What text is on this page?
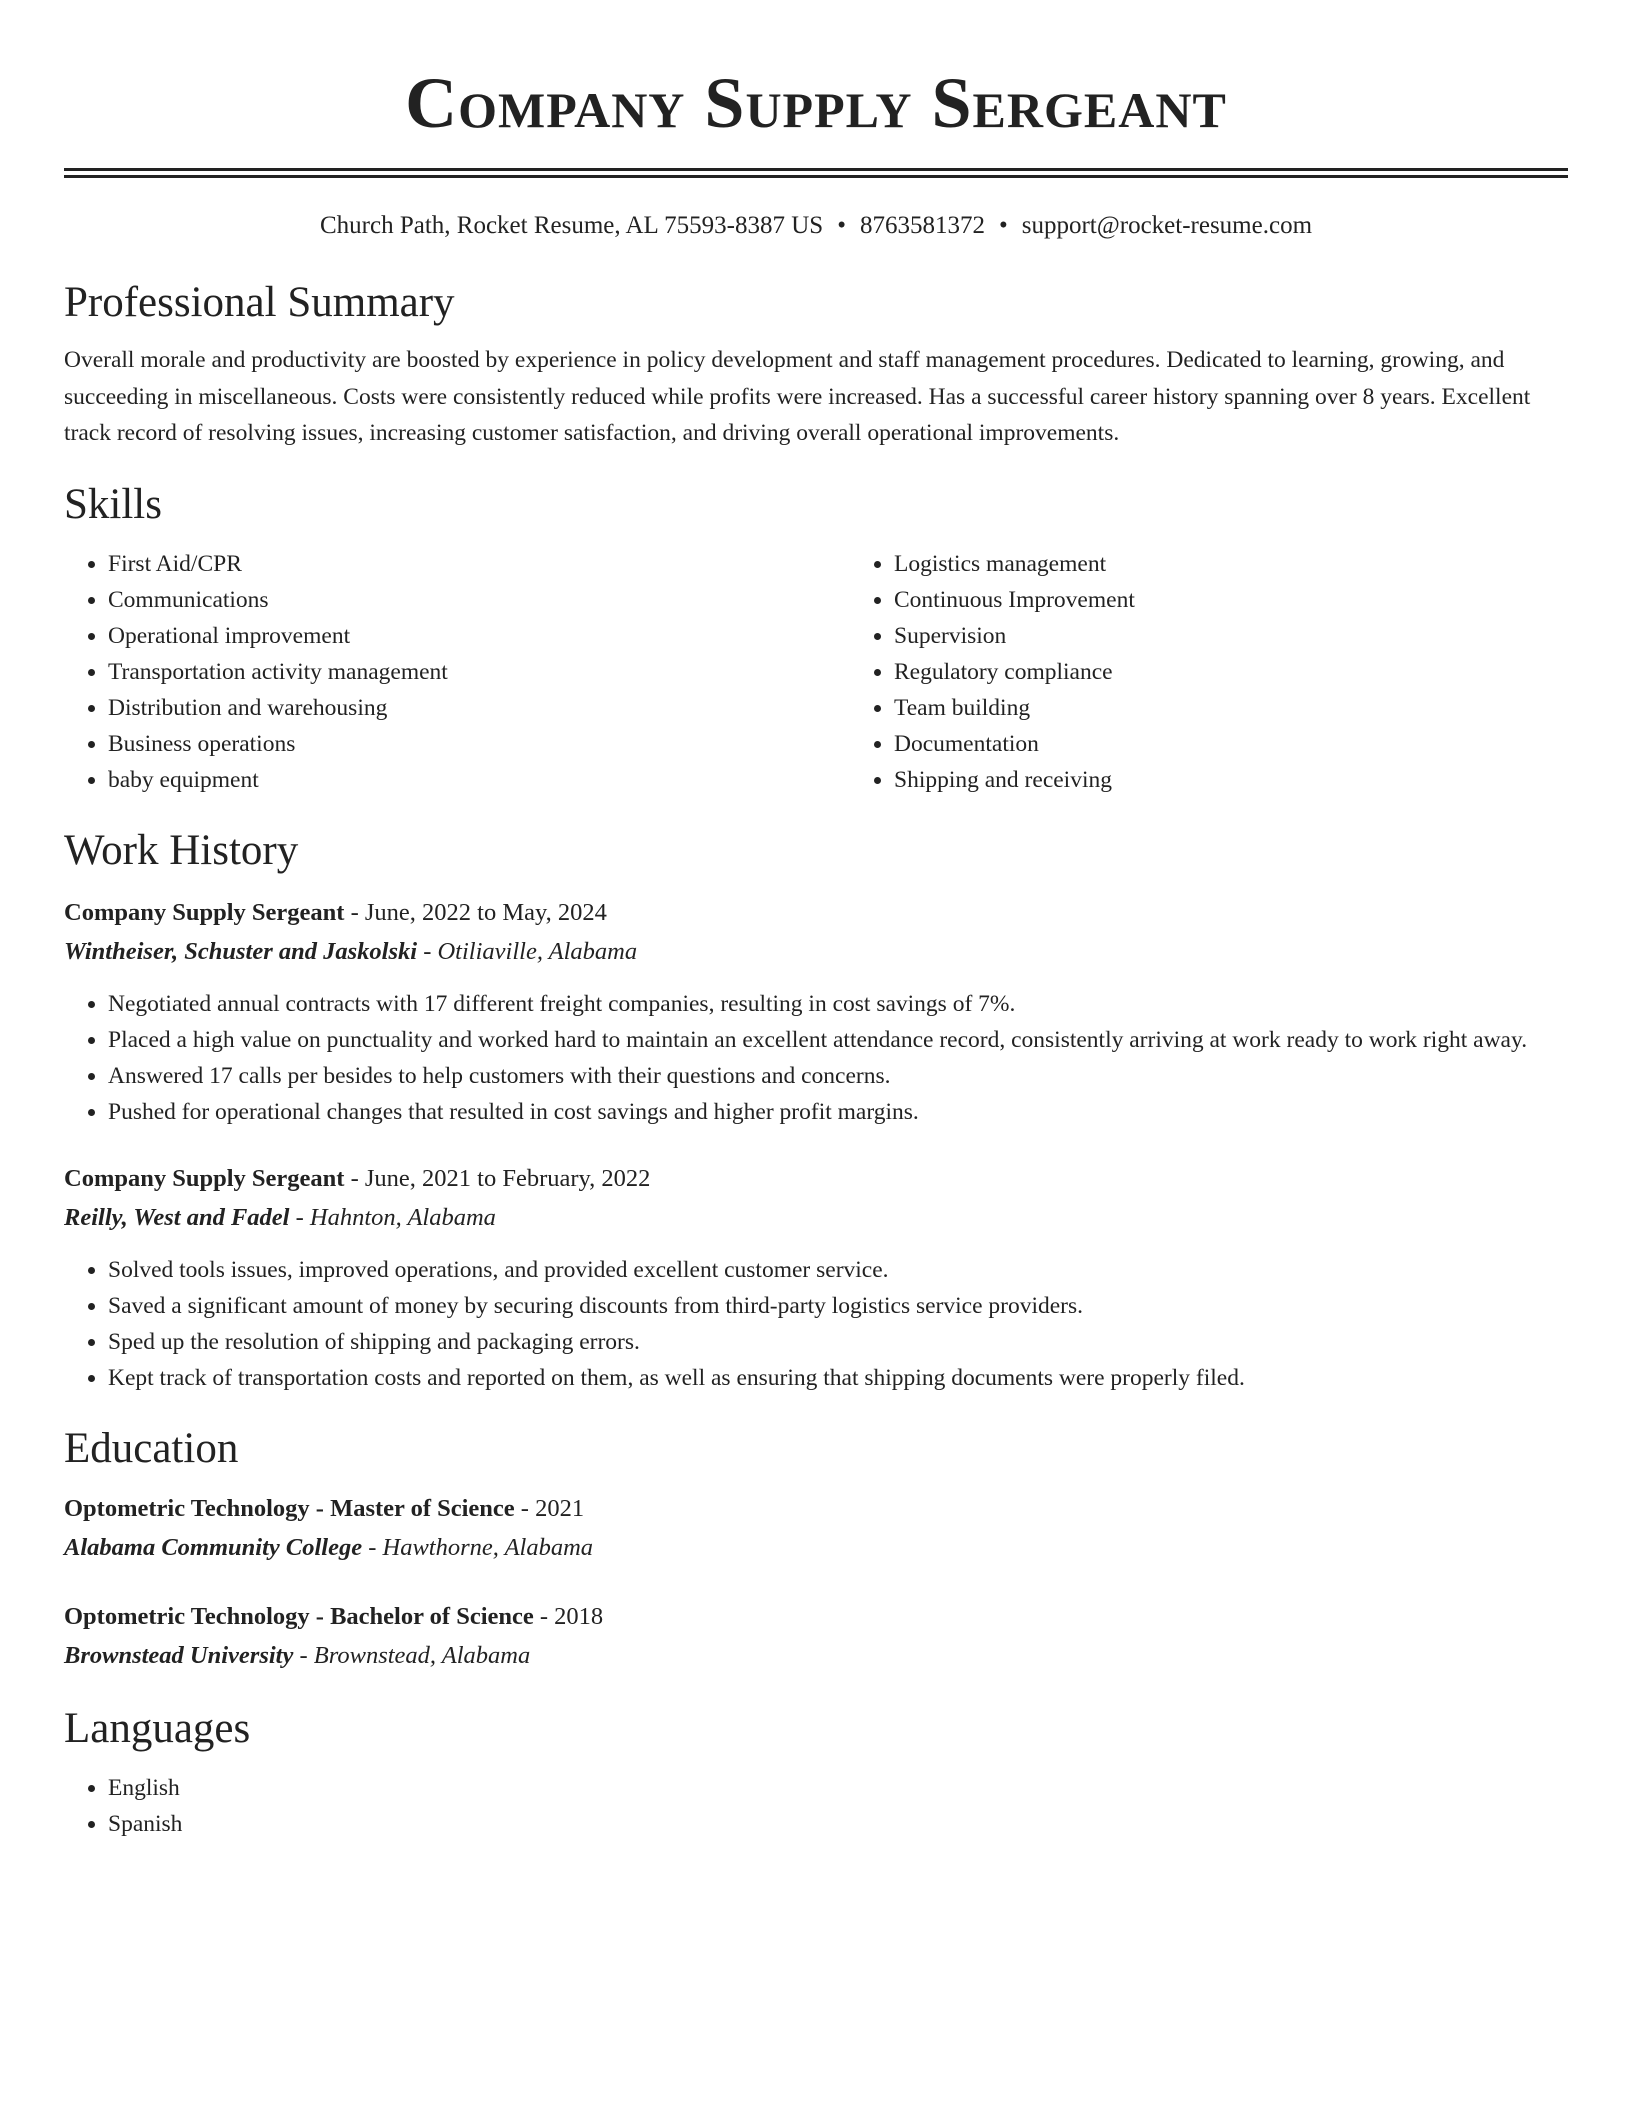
Company Supply Sergeant
Church Path, Rocket Resume, AL 75593-8387 US • 8763581372 • support@rocket-resume.com
Professional Summary

Overall morale and productivity are boosted by experience in policy development and staff management procedures. Dedicated to learning, growing, and succeeding in miscellaneous. Costs were consistently reduced while profits were increased. Has a successful career history spanning over 8 years. Excellent track record of resolving issues, increasing customer satisfaction, and driving overall operational improvements.

Skills
• First Aid/CPR
• Communications
• Operational improvement
• Transportation activity management
• Distribution and warehousing
• Business operations
• baby equipment
• Logistics management
• Continuous Improvement
• Supervision
• Regulatory compliance
• Team building
• Documentation
• Shipping and receiving
Work History
Company Supply Sergeant - June, 2022 to May, 2024
Wintheiser, Schuster and Jaskolski - Otiliaville, Alabama
• Negotiated annual contracts with 17 different freight companies, resulting in cost savings of 7%.
• Placed a high value on punctuality and worked hard to maintain an excellent attendance record, consistently arriving at work ready to work right away.
• Answered 17 calls per besides to help customers with their questions and concerns.
• Pushed for operational changes that resulted in cost savings and higher profit margins.
Company Supply Sergeant - June, 2021 to February, 2022
Reilly, West and Fadel - Hahnton, Alabama
• Solved tools issues, improved operations, and provided excellent customer service.
• Saved a significant amount of money by securing discounts from third-party logistics service providers.
• Sped up the resolution of shipping and packaging errors.
• Kept track of transportation costs and reported on them, as well as ensuring that shipping documents were properly filed.
Education
Optometric Technology - Master of Science - 2021
Alabama Community College - Hawthorne, Alabama
Optometric Technology - Bachelor of Science - 2018
Brownstead University - Brownstead, Alabama
Languages
• English
• Spanish
